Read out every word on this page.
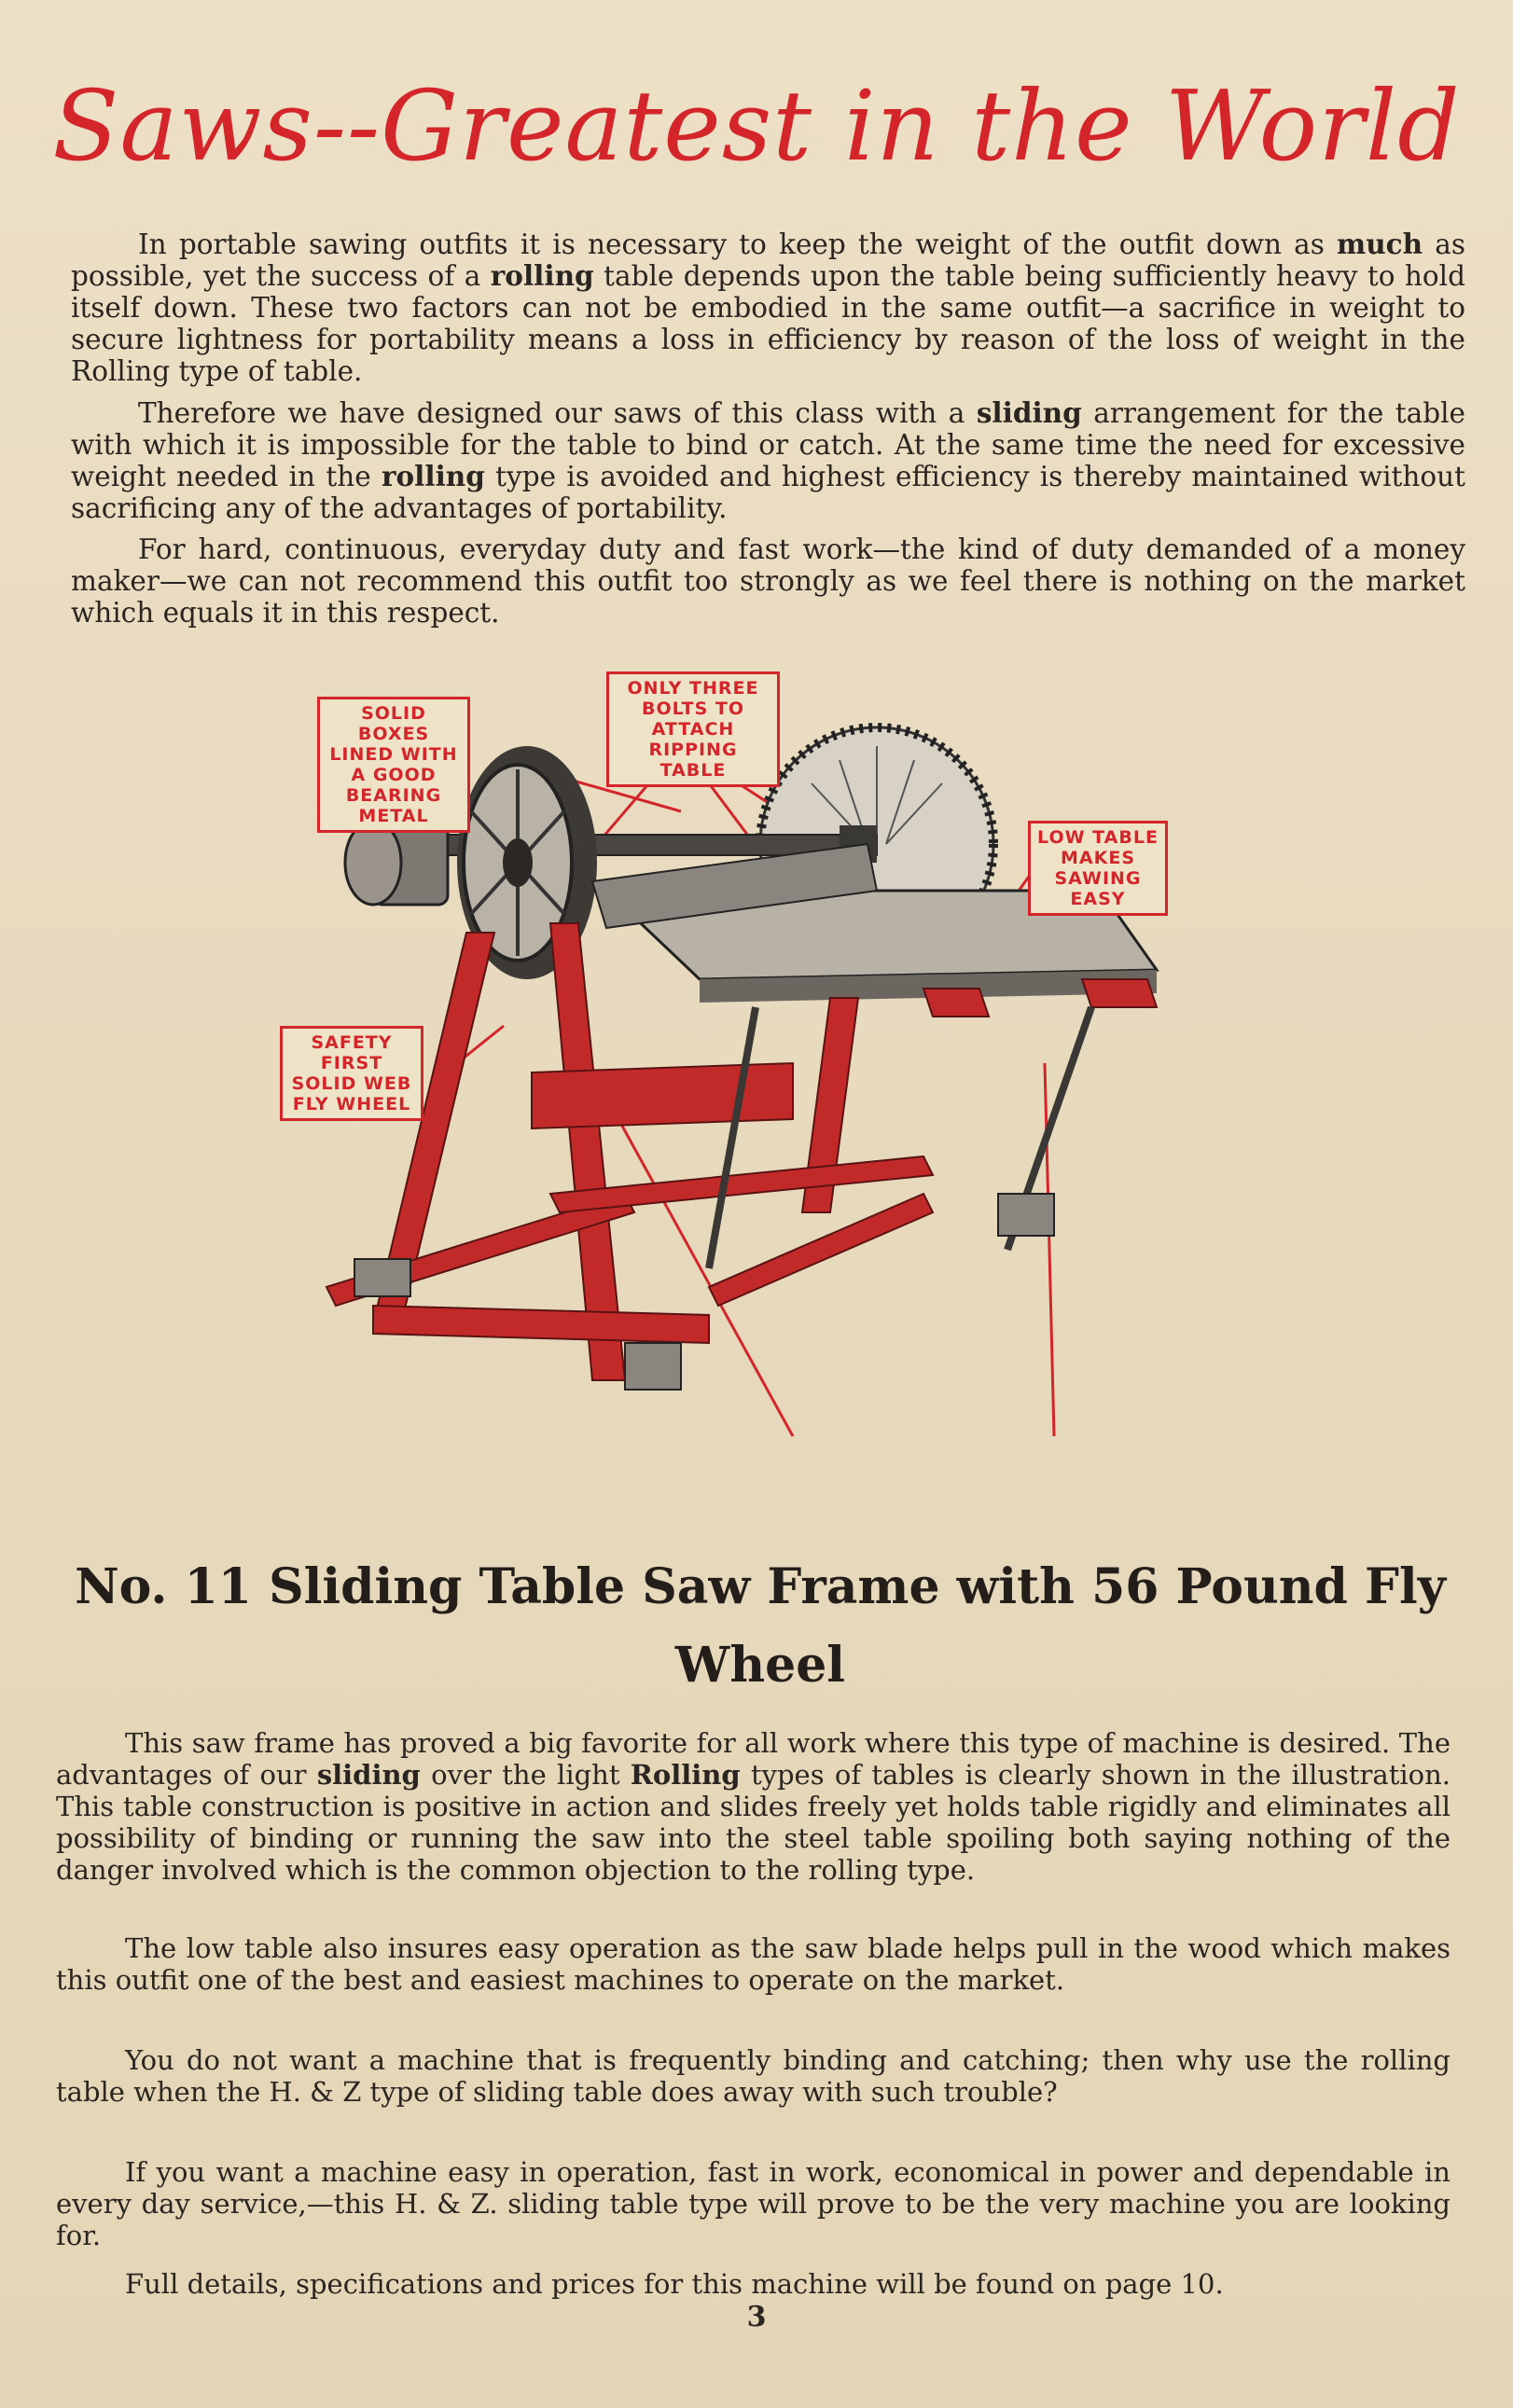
Saws--Greatest in the World

In portable sawing outfits it is necessary to keep the weight of the outfit down as much as possible, yet the success of a rolling table depends upon the table being sufficiently heavy to hold itself down. These two factors can not be embodied in the same outfit—a sacrifice in weight to secure lightness for portability means a loss in efficiency by reason of the loss of weight in the Rolling type of table.

Therefore we have designed our saws of this class with a sliding arrangement for the table with which it is impossible for the table to bind or catch. At the same time the need for excessive weight needed in the rolling type is avoided and highest efficiency is thereby maintained without sacrificing any of the advantages of portability.

For hard, continuous, everyday duty and fast work—the kind of duty demanded of a money maker—we can not recommend this outfit too strongly as we feel there is nothing on the market which equals it in this respect.

SOLID BOXES LINED WITH A GOOD BEARING METAL
ONLY THREE BOLTS TO ATTACH RIPPING TABLE
LOW TABLE MAKES SAWING EASY
SAFETY FIRST SOLID WEB FLY WHEEL
No. 11 Sliding Table Saw Frame with 56 Pound Fly Wheel

This saw frame has proved a big favorite for all work where this type of machine is desired. The advantages of our sliding over the light Rolling types of tables is clearly shown in the illustration. This table construction is positive in action and slides freely yet holds table rigidly and eliminates all possibility of binding or running the saw into the steel table spoiling both saying nothing of the danger involved which is the common objection to the rolling type.

The low table also insures easy operation as the saw blade helps pull in the wood which makes this outfit one of the best and easiest machines to operate on the market.

You do not want a machine that is frequently binding and catching; then why use the rolling table when the H. & Z type of sliding table does away with such trouble?

If you want a machine easy in operation, fast in work, economical in power and dependable in every day service,—this H. & Z. sliding table type will prove to be the very machine you are looking for.

Full details, specifications and prices for this machine will be found on page 10.

3
